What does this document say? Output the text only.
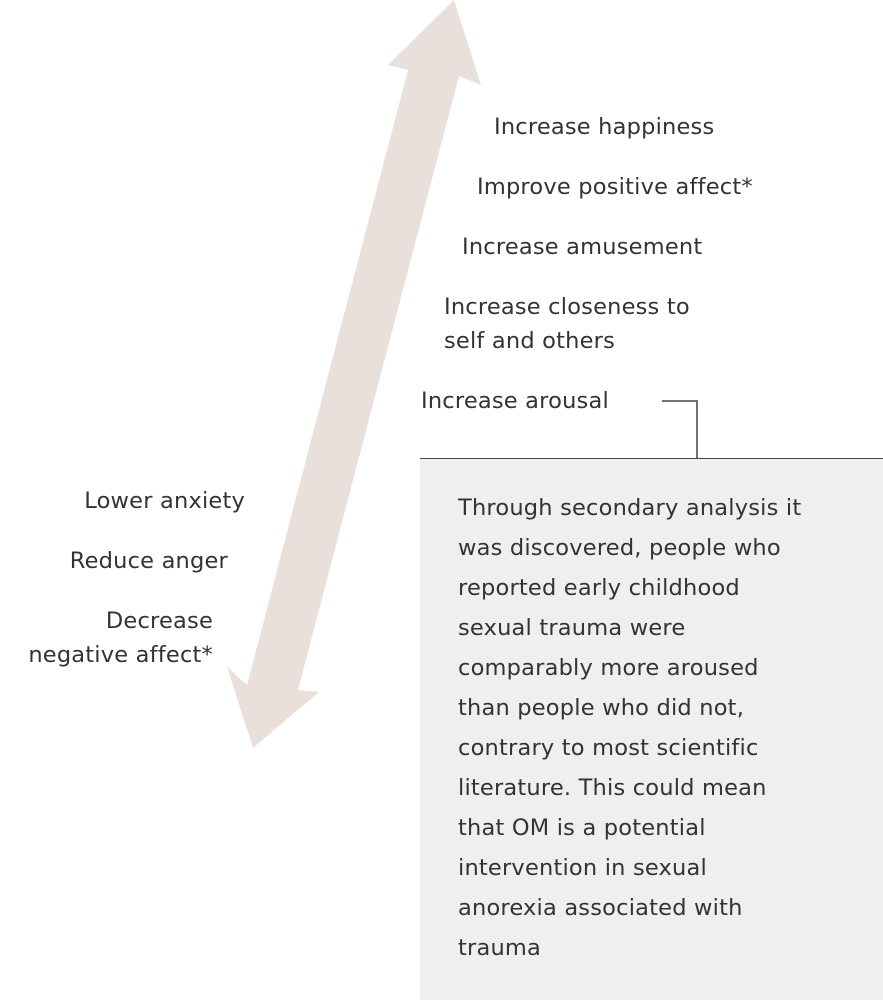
Increase happiness
Improve positive affect*
Increase amusement
Increase closeness to
self and others
Increase arousal
Lower anxiety
Reduce anger
Decrease
negative affect*
Through secondary analysis it
was discovered, people who
reported early childhood
sexual trauma were
comparably more aroused
than people who did not,
contrary to most scientific
literature. This could mean
that OM is a potential
intervention in sexual
anorexia associated with
trauma
